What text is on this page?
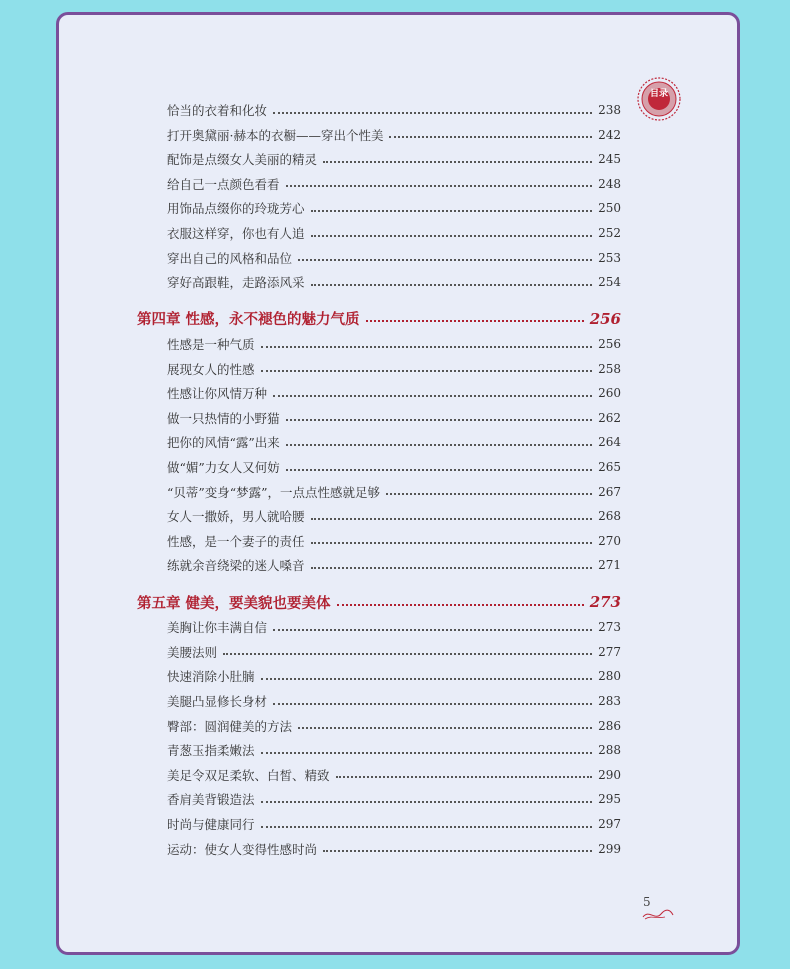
目录
恰当的衣着和化妆	238
打开奥黛丽·赫本的衣橱——穿出个性美	242
配饰是点缀女人美丽的精灵	245
给自己一点颜色看看	248
用饰品点缀你的玲珑芳心	250
衣服这样穿，你也有人追	252
穿出自己的风格和品位	253
穿好高跟鞋，走路添风采	254
第四章 性感，永不褪色的魅力气质	256
性感是一种气质	256
展现女人的性感	258
性感让你风情万种	260
做一只热情的小野猫	262
把你的风情“露”出来	264
做“媚”力女人又何妨	265
“贝蒂”变身“梦露”，一点点性感就足够	267
女人一撒娇，男人就哈腰	268
性感，是一个妻子的责任	270
练就余音绕梁的迷人嗓音	271
第五章 健美，要美貌也要美体	273
美胸让你丰满自信	273
美腰法则	277
快速消除小肚腩	280
美腿凸显修长身材	283
臀部：圆润健美的方法	286
青葱玉指柔嫩法	288
美足令双足柔软、白皙、精致	290
香肩美背锻造法	295
时尚与健康同行	297
运动：使女人变得性感时尚	299
5
